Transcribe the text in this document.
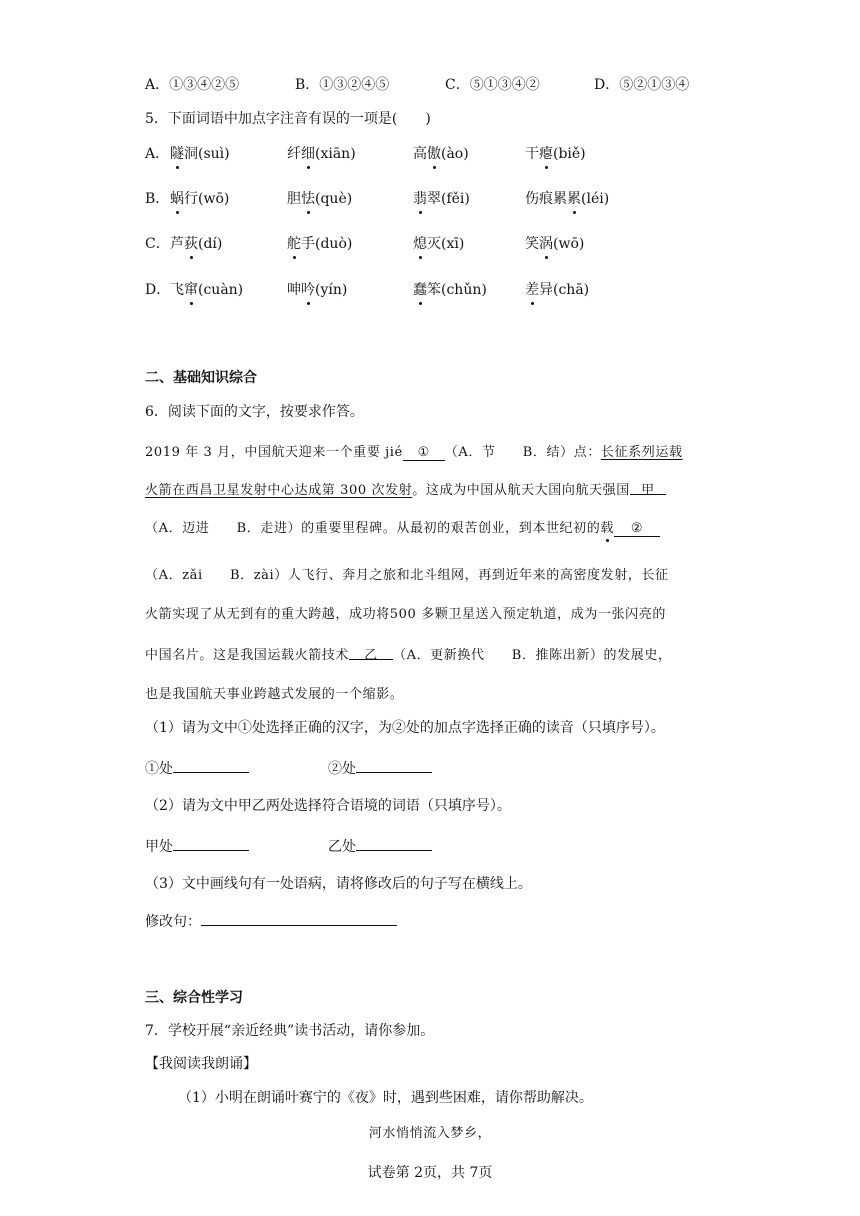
A．①③④②⑤	B．①③②④⑤	C．⑤①③④②	D．⑤②①③④
5．下面词语中加点字注音有误的一项是(　　)
A． 隧洞(suì)	纤细(xiān)	高傲(ào)	干瘪(biě)
B． 蜗行(wō)	胆怯(què)	翡翠(fěi)	伤痕累累(léi)
C． 芦荻(dí)	舵手(duò)	熄灭(xī)	笑涡(wō)
D． 飞窜(cuàn)	呻吟(yín)	蠢笨(chǔn)	差异(chā)
二、基础知识综合
6．阅读下面的文字，按要求作答。
2019 年 3 月，中国航天迎来一个重要 jié ① （A．节　　B．结）点：长征系列运载
火箭在西昌卫星发射中心达成第 300 次发射。这成为中国从航天大国向航天强国 甲
（A．迈进　　B．走进）的重要里程碑。从最初的艰苦创业，到本世纪初的载 ②
（A．zǎi　　B．zài）人飞行、奔月之旅和北斗组网，再到近年来的高密度发射，长征
火箭实现了从无到有的重大跨越，成功将500 多颗卫星送入预定轨道，成为一张闪亮的
中国名片。这是我国运载火箭技术 乙 （A．更新换代　　B．推陈出新）的发展史，
也是我国航天事业跨越式发展的一个缩影。
（1）请为文中①处选择正确的汉字，为②处的加点字选择正确的读音（只填序号）。
①处	②处
（2）请为文中甲乙两处选择符合语境的词语（只填序号）。
甲处	乙处
（3）文中画线句有一处语病，请将修改后的句子写在横线上。
修改句：
三、综合性学习
7．学校开展“亲近经典”读书活动，请你参加。
【我阅读我朗诵】
（1）小明在朗诵叶赛宁的《夜》时，遇到些困难，请你帮助解决。
河水悄悄流入梦乡，
试卷第 2页，共 7页
